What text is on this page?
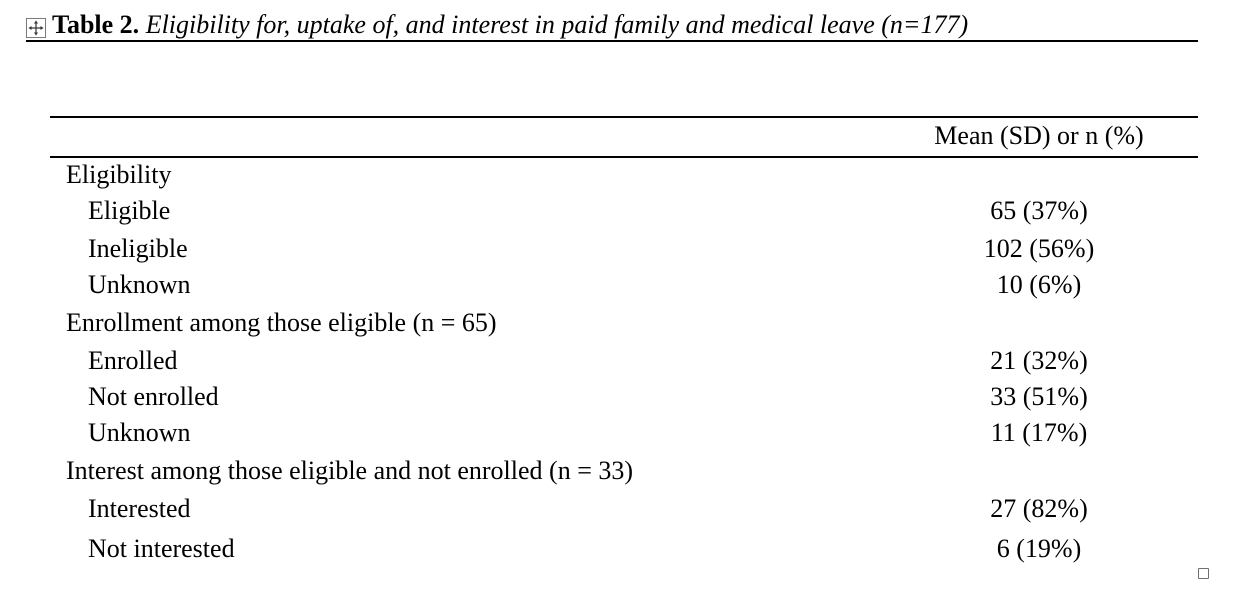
Table 2. Eligibility for, uptake of, and interest in paid family and medical leave (n=177)
Mean (SD) or n (%)
Eligibility
Eligible	65 (37%)
Ineligible	102 (56%)
Unknown	10 (6%)
Enrollment among those eligible (n = 65)
Enrolled	21 (32%)
Not enrolled	33 (51%)
Unknown	11 (17%)
Interest among those eligible and not enrolled (n = 33)
Interested	27 (82%)
Not interested	6 (19%)
